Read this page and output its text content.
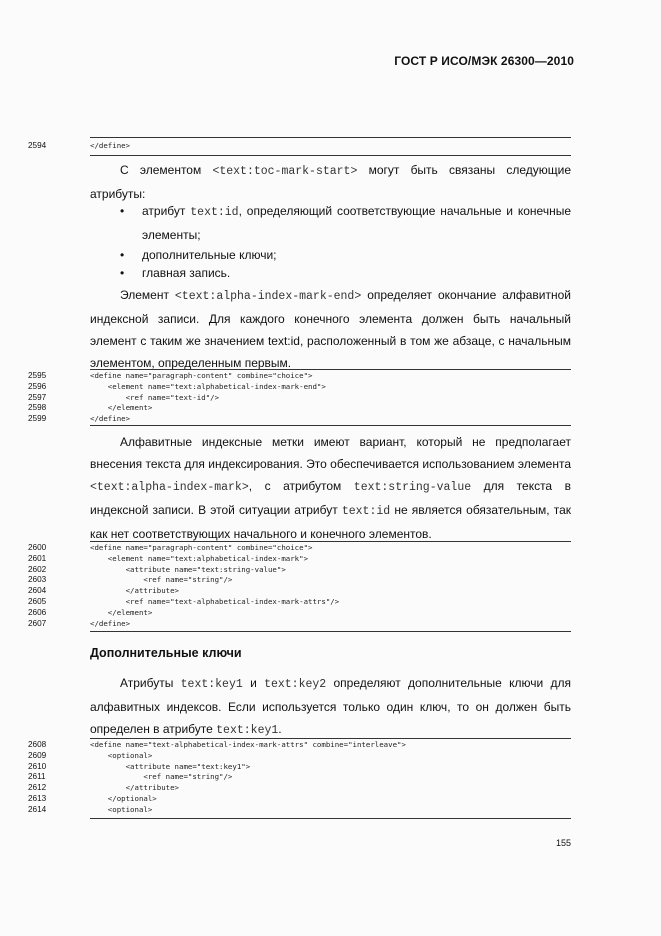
ГОСТ Р ИСО/МЭК 26300—2010
2594	</define>
С элементом <text:toc-mark-start> могут быть связаны следующие атрибуты:
• атрибут text:id, определяющий соответствующие начальные и конечные элементы;
• дополнительные ключи;
• главная запись.
Элемент <text:alpha-index-mark-end> определяет окончание алфавитной индексной записи. Для каждого конечного элемента должен быть начальный элемент с таким же значением text:id, расположенный в том же абзаце, с начальным элементом, определенным первым.
2595	<define name="paragraph-content" combine="choice">
2596	<element name="text:alphabetical-index-mark-end">
2597	<ref name="text-id"/>
2598	</element>
2599	</define>
Алфавитные индексные метки имеют вариант, который не предполагает внесения текста для индексирования. Это обеспечивается использованием элемента <text:alpha-index-mark>, с атрибутом text:string-value для текста в индексной записи. В этой ситуации атрибут text:id не является обязательным, так как нет соответствующих начального и конечного элементов.
2600	<define name="paragraph-content" combine="choice">
2601	<element name="text:alphabetical-index-mark">
2602	<attribute name="text:string-value">
2603	<ref name="string"/>
2604	</attribute>
2605	<ref name="text-alphabetical-index-mark-attrs"/>
2606	</element>
2607	</define>
Дополнительные ключи
Атрибуты text:key1 и text:key2 определяют дополнительные ключи для алфавитных индексов. Если используется только один ключ, то он должен быть определен в атрибуте text:key1.
2608	<define name="text-alphabetical-index-mark-attrs" combine="interleave">
2609	<optional>
2610	<attribute name="text:key1">
2611	<ref name="string"/>
2612	</attribute>
2613	</optional>
2614	<optional>
155
